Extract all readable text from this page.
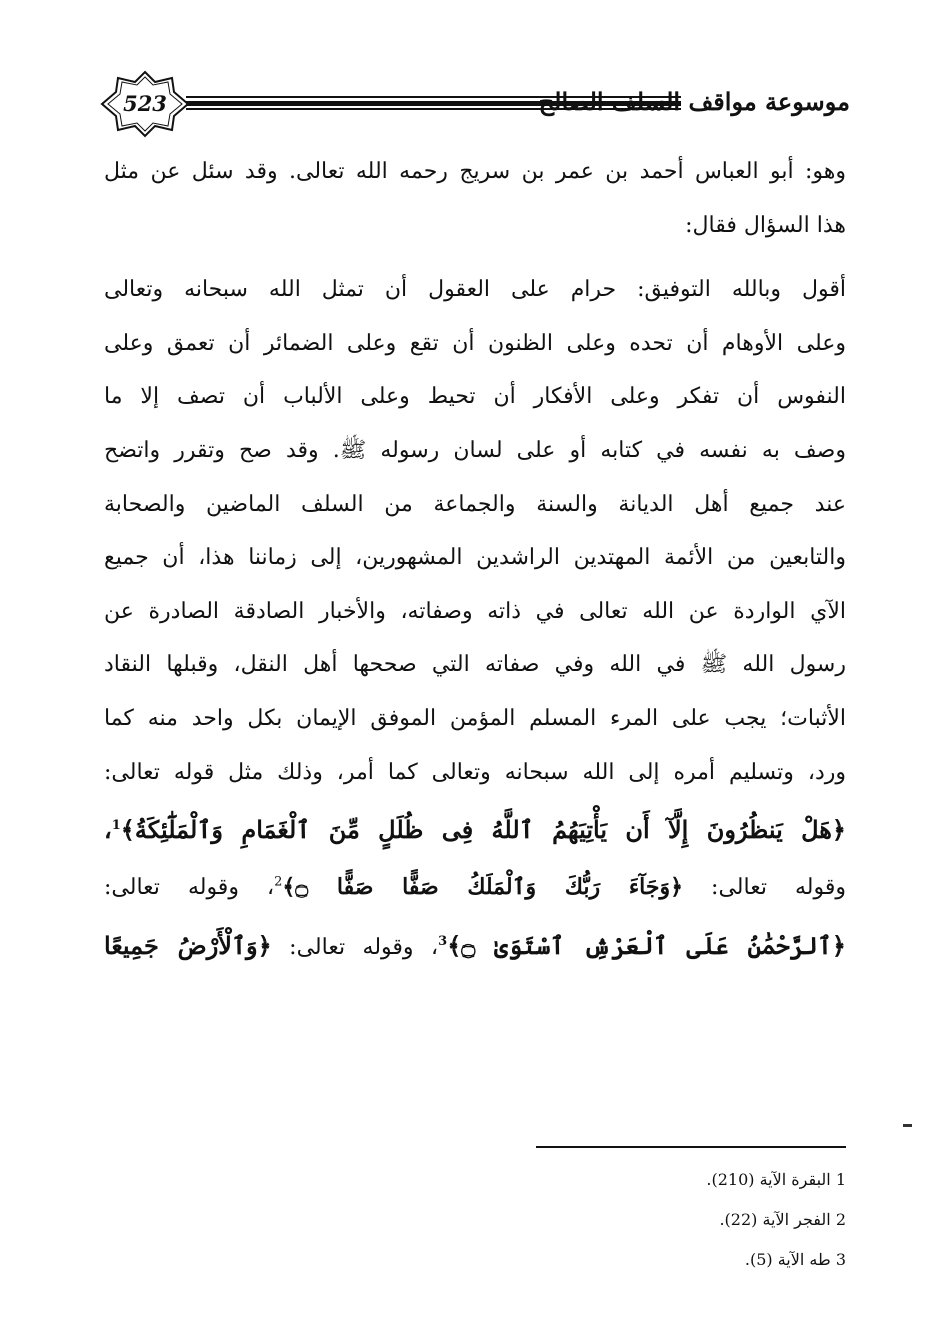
523	موسوعة مواقف السلف الصالح
وهو: أبو العباس أحمد بن عمر بن سريج رحمه الله تعالى. وقد سئل عن مثل
هذا السؤال فقال:
أقول وبالله التوفيق: حرام على العقول أن تمثل الله سبحانه وتعالى
وعلى الأوهام أن تحده وعلى الظنون أن تقع وعلى الضمائر أن تعمق وعلى
النفوس أن تفكر وعلى الأفكار أن تحيط وعلى الألباب أن تصف إلا ما
وصف به نفسه في كتابه أو على لسان رسوله ﷺ. وقد صح وتقرر واتضح
عند جميع أهل الديانة والسنة والجماعة من السلف الماضين والصحابة
والتابعين من الأئمة المهتدين الراشدين المشهورين، إلى زماننا هذا، أن جميع
الآي الواردة عن الله تعالى في ذاته وصفاته، والأخبار الصادقة الصادرة عن
رسول الله ﷺ في الله وفي صفاته التي صححها أهل النقل، وقبلها النقاد
الأثبات؛ يجب على المرء المسلم المؤمن الموفق الإيمان بكل واحد منه كما
ورد، وتسليم أمره إلى الله سبحانه وتعالى كما أمر، وذلك مثل قوله تعالى:
﴿هَلْ يَنظُرُونَ إِلَّآ أَن يَأْتِيَهُمُ ٱللَّهُ فِى ظُلَلٍ مِّنَ ٱلْغَمَامِ وَٱلْمَلَٰٓئِكَةُ﴾$^1$،
وقوله تعالى: ﴿وَجَآءَ رَبُّكَ وَٱلْمَلَكُ صَفًّا صَفًّا ۝﴾$^2$، وقوله تعالى:
﴿ٱلرَّحْمَٰنُ عَلَى ٱلْعَرْشِ ٱسْتَوَىٰ ۝﴾$^3$، وقوله تعالى: ﴿وَٱلْأَرْضُ جَمِيعًا
1 البقرة الآية (210).
2 الفجر الآية (22).
3 طه الآية (5).
